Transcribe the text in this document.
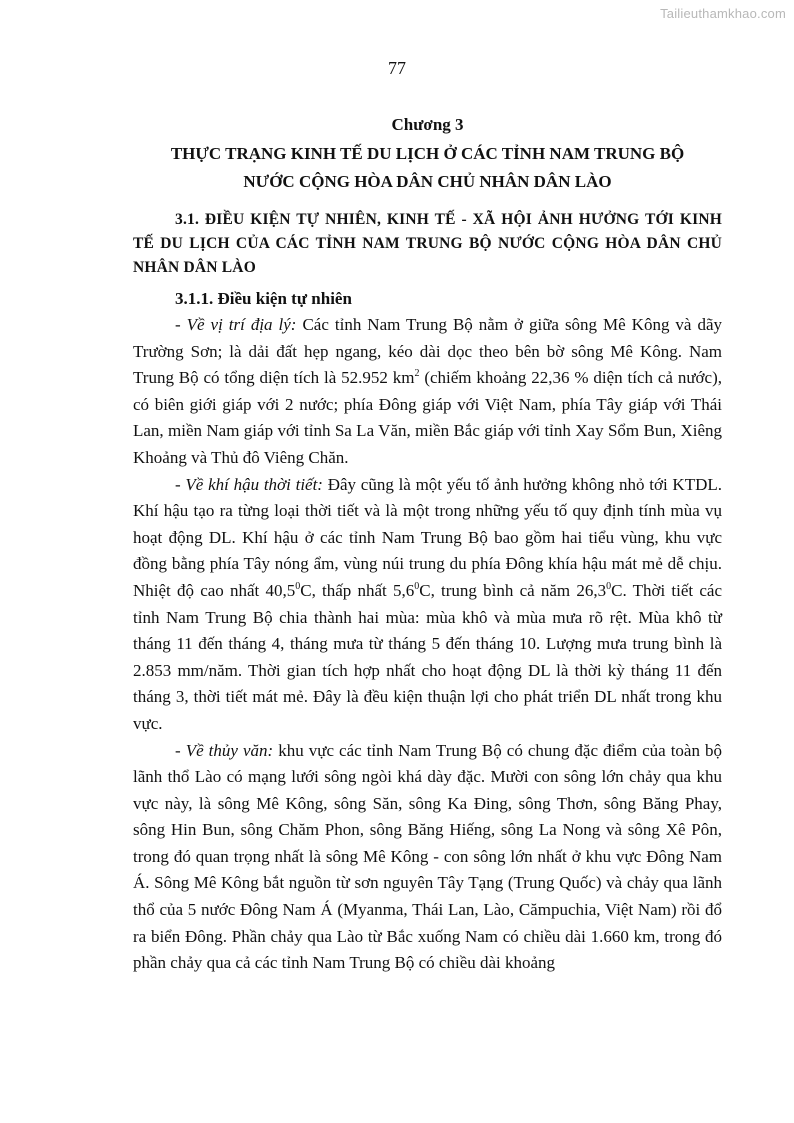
Tailieuthamkhao.com
77

Chương 3

THỰC TRẠNG KINH TẾ DU LỊCH Ở CÁC TỈNH NAM TRUNG BỘ
NƯỚC CỘNG HÒA DÂN CHỦ NHÂN DÂN LÀO

3.1. ĐIỀU KIỆN TỰ NHIÊN, KINH TẾ - XÃ HỘI ẢNH HƯỞNG TỚI KINH TẾ DU LỊCH CỦA CÁC TỈNH NAM TRUNG BỘ NƯỚC CỘNG HÒA DÂN CHỦ NHÂN DÂN LÀO

3.1.1. Điều kiện tự nhiên

- Về vị trí địa lý: Các tỉnh Nam Trung Bộ nằm ở giữa sông Mê Kông và dãy Trường Sơn; là dải đất hẹp ngang, kéo dài dọc theo bên bờ sông Mê Kông. Nam Trung Bộ có tổng diện tích là 52.952 $km^2$ (chiếm khoảng 22,36 % diện tích cả nước), có biên giới giáp với 2 nước; phía Đông giáp với Việt Nam, phía Tây giáp với Thái Lan, miền Nam giáp với tỉnh Sa La Văn, miền Bắc giáp với tỉnh Xay Sổm Bun, Xiêng Khoảng và Thủ đô Viêng Chăn.

- Về khí hậu thời tiết: Đây cũng là một yếu tố ảnh hưởng không nhỏ tới KTDL. Khí hậu tạo ra từng loại thời tiết và là một trong những yếu tố quy định tính mùa vụ hoạt động DL. Khí hậu ở các tỉnh Nam Trung Bộ bao gồm hai tiểu vùng, khu vực đồng bằng phía Tây nóng ẩm, vùng núi trung du phía Đông khía hậu mát mẻ dễ chịu. Nhiệt độ cao nhất 40,5$^0$C, thấp nhất $5,6^0C$, trung bình cả năm 26,3$^0$C. Thời tiết các tỉnh Nam Trung Bộ chia thành hai mùa: mùa khô và mùa mưa rõ rệt. Mùa khô từ tháng 11 đến tháng 4, tháng mưa từ tháng 5 đến tháng 10. Lượng mưa trung bình là 2.853 mm/năm. Thời gian tích hợp nhất cho hoạt động DL là thời kỳ tháng 11 đến tháng 3, thời tiết mát mẻ. Đây là đều kiện thuận lợi cho phát triển DL nhất trong khu vực.

- Về thủy văn: khu vực các tỉnh Nam Trung Bộ có chung đặc điểm của toàn bộ lãnh thổ Lào có mạng lưới sông ngòi khá dày đặc. Mười con sông lớn chảy qua khu vực này, là sông Mê Kông, sông Săn, sông Ka Đing, sông Thơn, sông Băng Phay, sông Hin Bun, sông Chăm Phon, sông Băng Hiếng, sông La Nong và sông Xê Pôn, trong đó quan trọng nhất là sông Mê Kông - con sông lớn nhất ở khu vực Đông Nam Á. Sông Mê Kông bắt nguồn từ sơn nguyên Tây Tạng (Trung Quốc) và chảy qua lãnh thổ của 5 nước Đông Nam Á (Myanma, Thái Lan, Lào, Cămpuchia, Việt Nam) rồi đổ ra biển Đông. Phần chảy qua Lào từ Bắc xuống Nam có chiều dài 1.660 km, trong đó phần chảy qua cả các tỉnh Nam Trung Bộ có chiều dài khoảng
